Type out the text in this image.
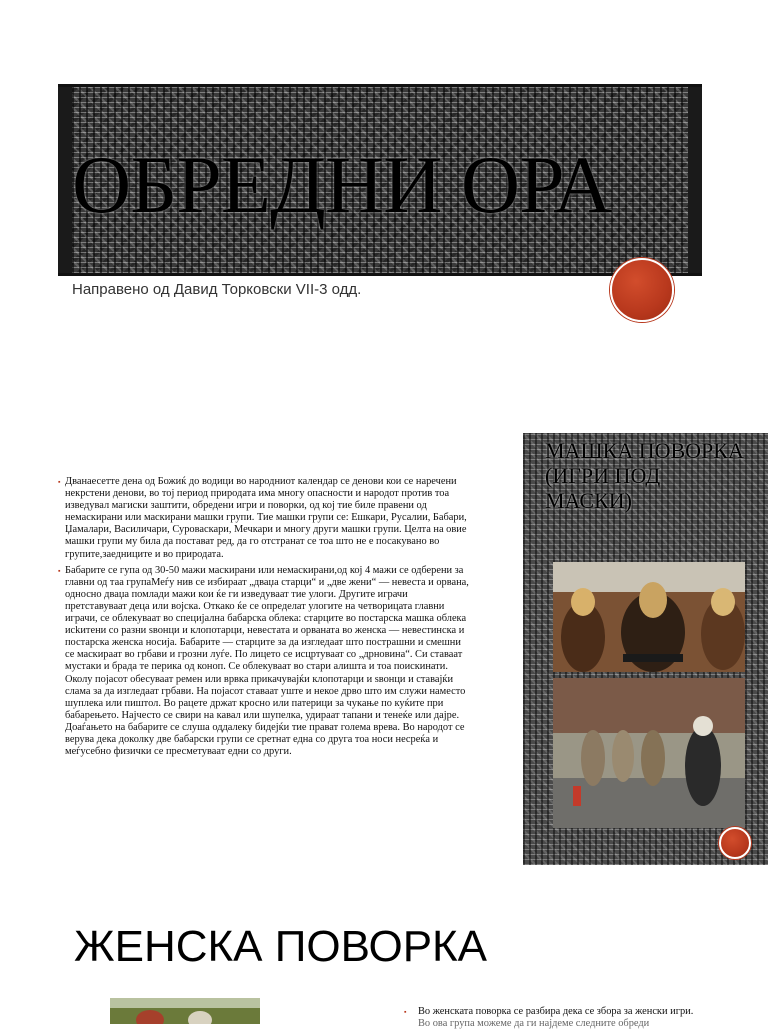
ОБРЕДНИ ОРА

Направено од Давид Торковски VII-3 одд.

▪ Дванаесетте дена од Божиќ до водици во народниот календар се денови кои се наречени некрстени денови, во тој период природата има многу опасности и народот против тоа изведувал магиски заштити, обредени игри и поворки, од кој тие биле правени од немаскирани или маскирани машки групи. Тие машки групи се: Ешкари, Русалии, Бабари, Џамалари, Василичари, Суроваскари, Мечкари и многу други машки групи. Целта на овие машки групи му била да постават ред, да го отстранат се тоа што не е посакувано во групите,заедниците и во природата.
▪ Бабарите се гупа од 30-50 мажи маскирани или немаскирани,од кој 4 мажи се одберени за главни од таа групаМеѓу нив се избираат „дваџа старци“ и „две жени“ — невеста и орвана, односно дваџа помлади мажи кои ќе ги изведуваат тие улоги. Другите играчи претставуваат деца или војска. Откако ќе се определат улогите на четворицата главни играчи, се облекуваат во специјална бабарска облека: старците во постарска машка облека исkитени со разни ѕвонци и клопотарци, невестата и орваната во женска — невестинска и постарска женска носија. Бабарите — старците за да изгледаат што пострашни и смешни се маскираат во грбави и грозни луѓе. По лицето се исцртуваат со „дрновина“. Си ставаат мустаки и брада те перика од коноп. Се облекуваат во стари алишта и тоа поискинати. Околу појасот обесуваат ремен или врвка прикачувајќи клопотарци и ѕвонци и ставајќи слама за да изгледаат грбави. На појасот ставаат уште и некое дрво што им служи наместо шуплека или пиштол. Во рацете држат кросно или патерици за чукање по куќите при бабарењето. Најчесто се свири на кавал или шупелка, удираат тапани и тенеќе или дајре. Доаѓањето на бабарите се слуша оддалеку бидејќи тие прават голема врева. Во народот се верува дека доколку две бабарски групи се сретнат една со друга тоа носи несреќа и меѓусебно физички се пресметуваат едни со други.
МАШКА ПОВОРКА (ИГРИ ПОД МАСКИ)
ЖЕНСКА ПОВОРКА
▪ Во женската поворка се разбира дека се збора за женски игри.
Во ова група можеме да ги најдеме следните обреди
